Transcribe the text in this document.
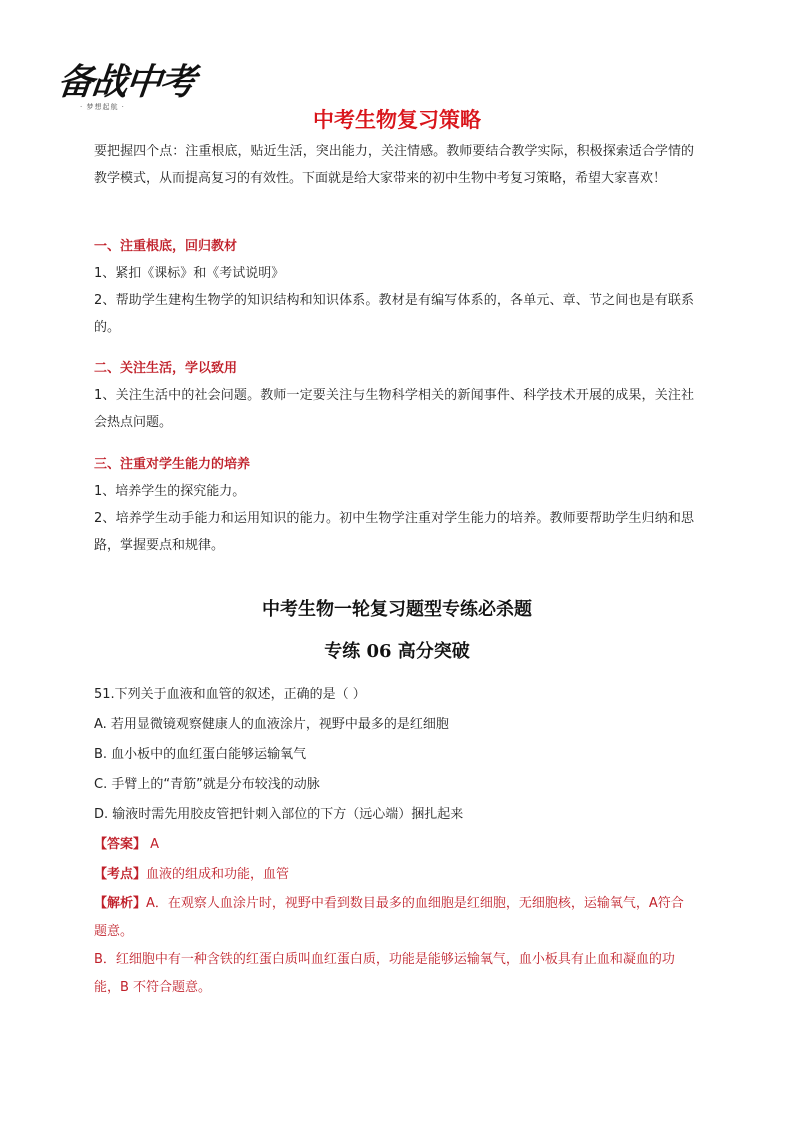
备战中考
· 梦想起航 ·
中考生物复习策略

要把握四个点：注重根底，贴近生活，突出能力，关注情感。教师要结合教学实际，积极探索适合学情的教学模式，从而提高复习的有效性。下面就是给大家带来的初中生物中考复习策略，希望大家喜欢！

一、注重根底，回归教材

1、紧扣《课标》和《考试说明》

2、帮助学生建构生物学的知识结构和知识体系。教材是有编写体系的，各单元、章、节之间也是有联系的。

二、关注生活，学以致用

1、关注生活中的社会问题。教师一定要关注与生物科学相关的新闻事件、科学技术开展的成果，关注社会热点问题。

三、注重对学生能力的培养

1、培养学生的探究能力。

2、培养学生动手能力和运用知识的能力。初中生物学注重对学生能力的培养。教师要帮助学生归纳和思路，掌握要点和规律。

中考生物一轮复习题型专练必杀题
专练 06 高分突破

51.下列关于血液和血管的叙述，正确的是（ ）

A. 若用显微镜观察健康人的血液涂片，视野中最多的是红细胞

B. 血小板中的血红蛋白能够运输氧气

C. 手臂上的“青筋”就是分布较浅的动脉

D. 输液时需先用胶皮管把针刺入部位的下方（远心端）捆扎起来

【答案】 A

【考点】血液的组成和功能，血管

【解析】A．在观察人血涂片时，视野中看到数目最多的血细胞是红细胞，无细胞核，运输氧气，A符合题意。

B．红细胞中有一种含铁的红蛋白质叫血红蛋白质，功能是能够运输氧气，血小板具有止血和凝血的功能，B 不符合题意。
